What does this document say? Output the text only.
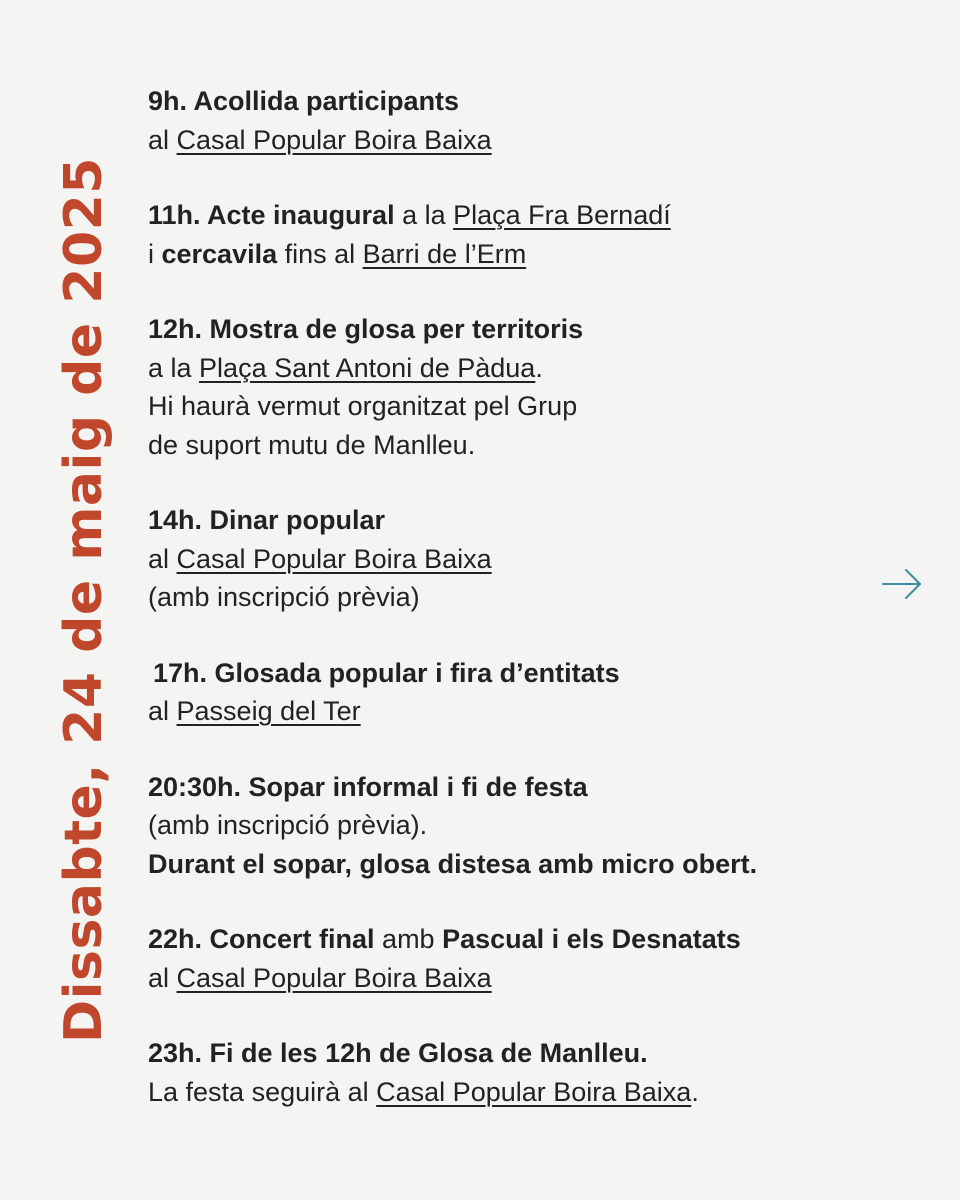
Dissabte, 24 de maig de 2025

9h. Acollida participants
al Casal Popular Boira Baixa

11h. Acte inaugural a la Plaça Fra Bernadí
i cercavila fins al Barri de l’Erm

12h. Mostra de glosa per territoris
a la Plaça Sant Antoni de Pàdua.
Hi haurà vermut organitzat pel Grup
de suport mutu de Manlleu.

14h. Dinar popular
al Casal Popular Boira Baixa
(amb inscripció prèvia)

17h. Glosada popular i fira d’entitats
al Passeig del Ter

20:30h. Sopar informal i fi de festa
(amb inscripció prèvia).
Durant el sopar, glosa distesa amb micro obert.

22h. Concert final amb Pascual i els Desnatats
al Casal Popular Boira Baixa

23h. Fi de les 12h de Glosa de Manlleu.
La festa seguirà al Casal Popular Boira Baixa.
